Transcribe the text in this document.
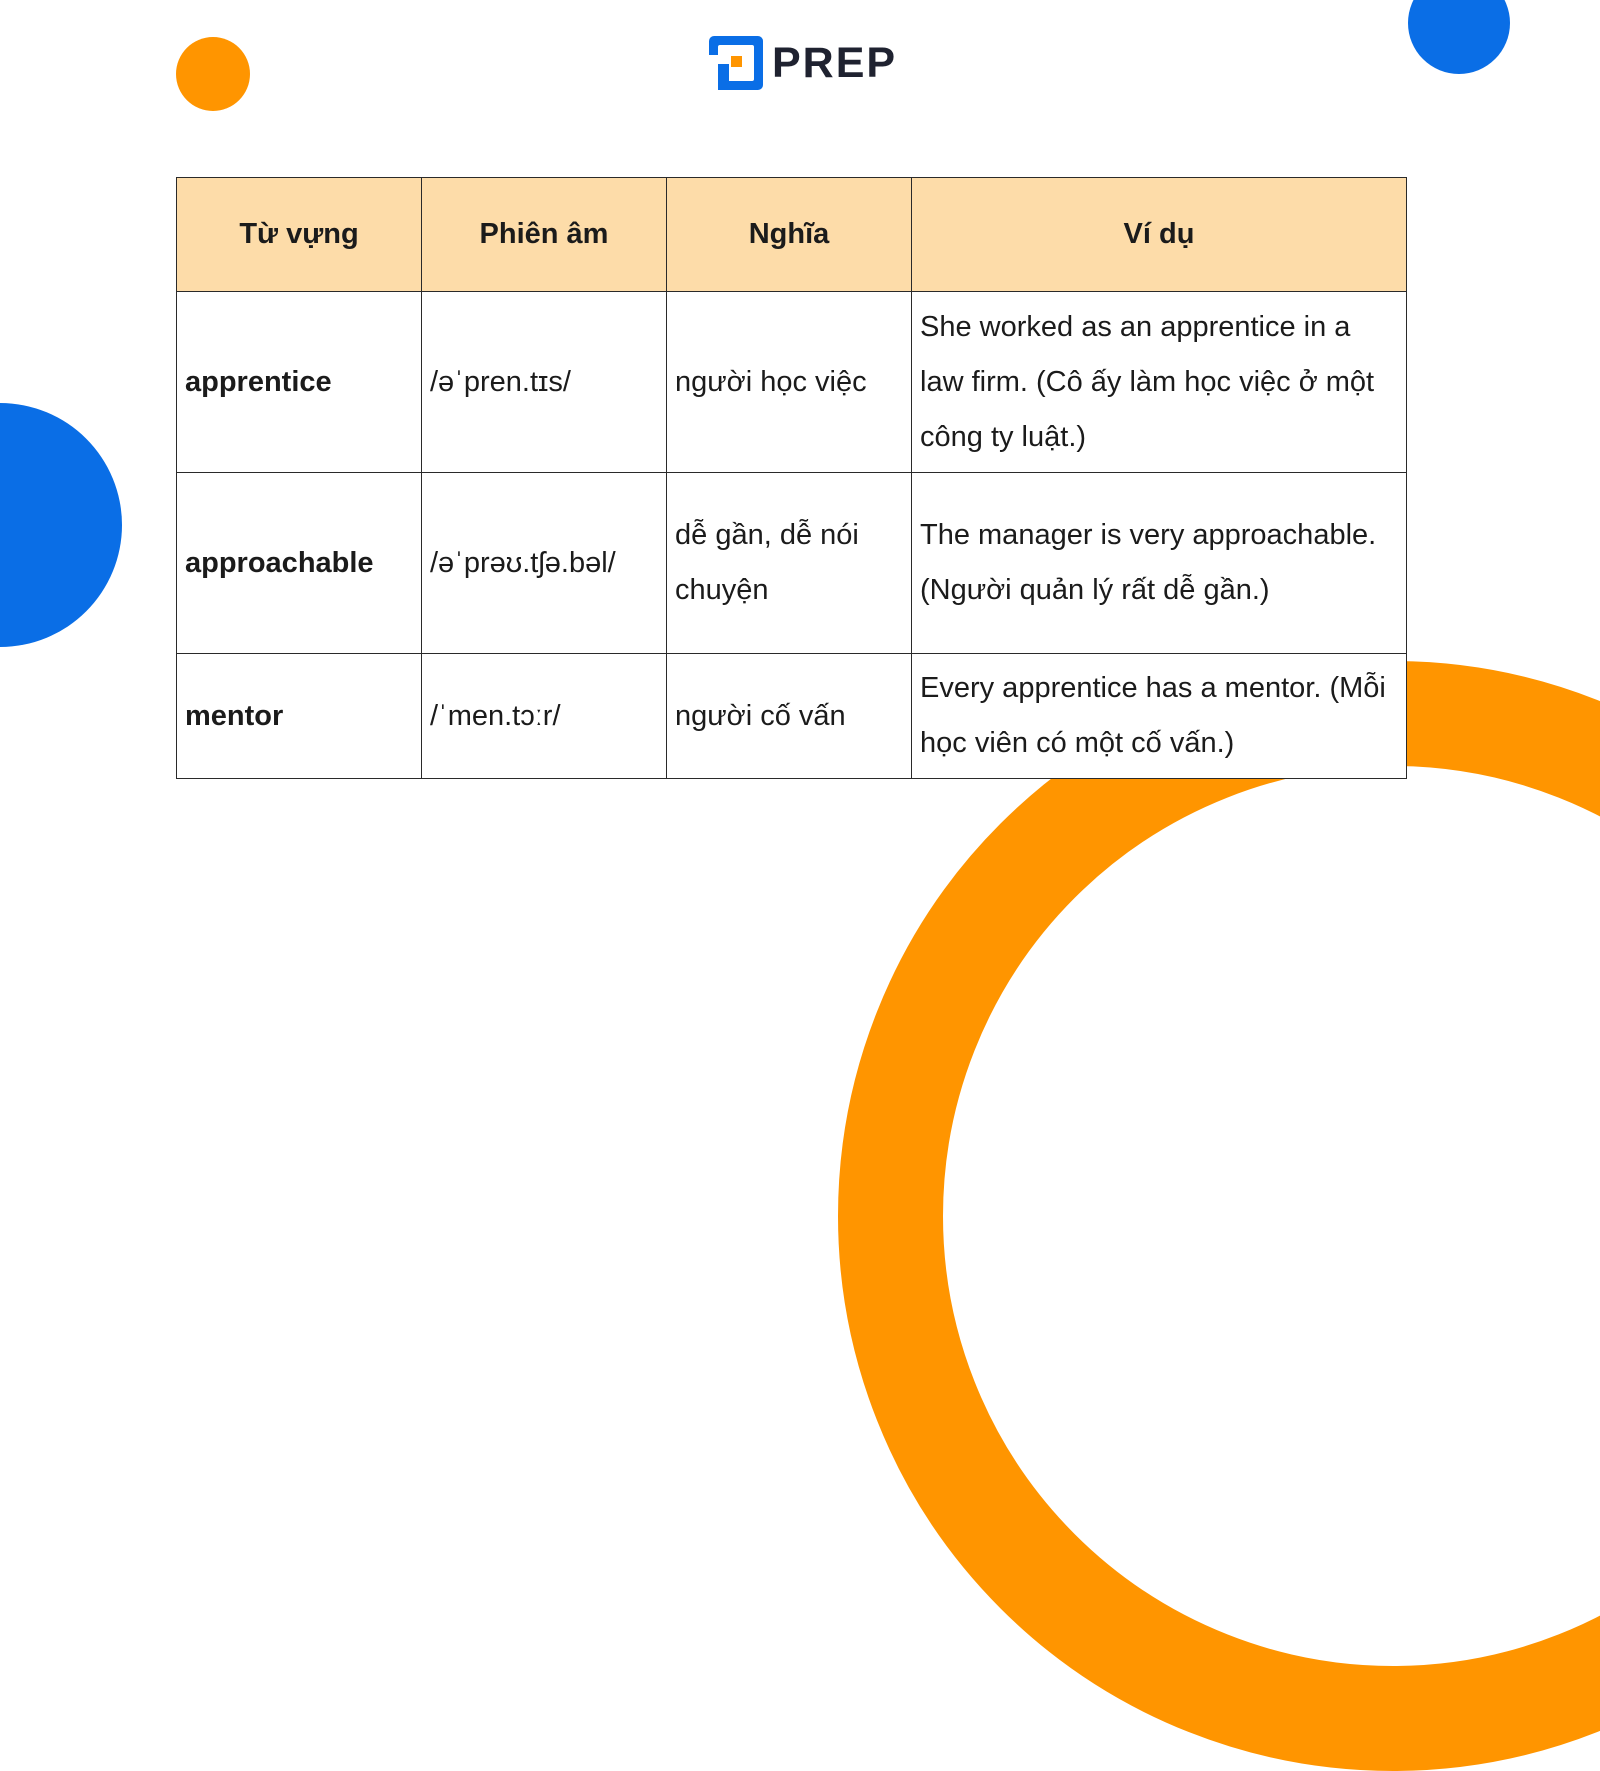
PREP
Từ vựng	Phiên âm	Nghĩa	Ví dụ
apprentice	/əˈpren.tɪs/	người học việc	She worked as an apprentice in a law firm. (Cô ấy làm học việc ở một công ty luật.)
approachable	/əˈprəʊ.tʃə.bəl/	dễ gần, dễ nói chuyện	The manager is very approachable. (Người quản lý rất dễ gần.)
mentor	/ˈmen.tɔːr/	người cố vấn	Every apprentice has a mentor. (Mỗi học viên có một cố vấn.)
